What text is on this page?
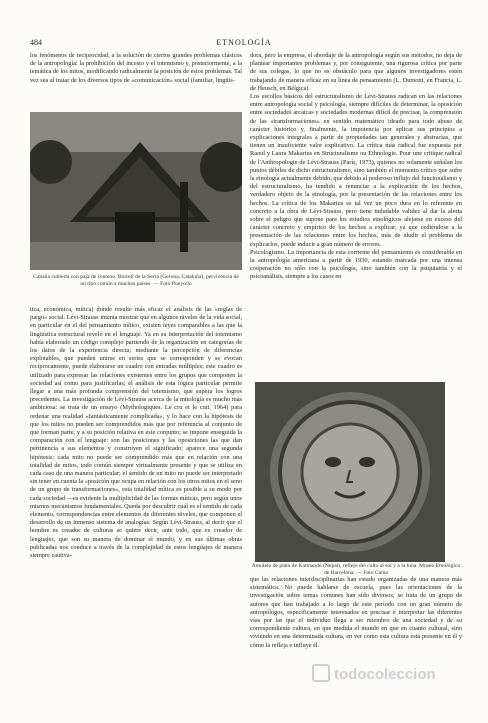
484	ETNOLOGÍA
los fenómenos de reciprocidad, a la solución de ciertos grandes problemas clásicos de la antropología: la prohibición del incesto y el totemismo y, posteriormente, a la temática de los mitos, modificando radicalmente la posición de estos problemas. Tal vez sea al tratar de los diversos tipos de «comunicación» social (familiar, lingüís-
Cabaña cubierta con paja de centeno. Borrell de la Serra (Gerona, Cataluña), pervivencia de un tipo común a muchos países. — Foto Pueyo/lo
tica, económica, mítica) donde resulte más eficaz el análisis de las «reglas de juego» social. Lévi-Strauss intenta mostrar que en algunos niveles de la vida social, en particular en el del pensamiento mítico, existen leyes comparables a las que la lingüística estructural reveló en el lenguaje. Ya en su interpretación del totemismo había elaborado un código complejo partiendo de la organización en categorías de los datos de la experiencia directa; mediante la percepción de diferencias explotables, que pueden unirse en series que se corresponden y se evocan recíprocamente, puede elaborarse un cuadro con entradas múltiples; este cuadro es utilizado para expresar las relaciones existentes entre los grupos que componen la sociedad así como para justificarlas; el análisis de esta lógica particular permite llegar a una más profunda comprensión del totemismo, que supera los logros precedentes. La investigación de Lévi-Strauss acerca de la mitología es mucho más ambiciosa: se trata de un ensayo (Mythologiques. Le cru et le cuit, 1964) para ordenar una realidad «fantásticamente complicada», y lo hace con la hipótesis de que los mitos no pueden ser comprendidos más que por referencia al conjunto de que forman parte, y a su posición relativa en este conjunto; se impone enseguida la comparación con el lenguaje: son las posiciones y las oposiciones las que dan pertinencia a sus elementos y construyen el significado; aparece una segunda hipótesis: cada mito no puede ser comprendido más que en relación con una totalidad de mitos, todo común siempre virtualmente presente y que se utiliza en cada caso de una manera particular; el sentido de un mito no puede ser interpretado sin tener en cuenta la «posición que ocupa en relación con los otros mitos en el seno de un grupo de transformaciones», esta totalidad mítica es posible a su modo por cada sociedad —es evidente la multiplicidad de las formas míticas, pero según unos mismos mecanismos fundamentales. Queda por descubrir cuál es el sentido de cada elemento, correspondencias entre elementos de diferentes niveles, que componen el desarrollo de un inmenso sistema de analogías. Según Lévi-Strauss, al decir que el hombre es creador de culturas se quiere decir, ante todo, que es creador de lenguajes, que son su manera de dominar el mundo, y en sus últimas obras publicadas nos conduce a través de la complejidad de estos lenguajes de manera siempre cautiva-
dora, pero la empresa, el abordaje de la antropología según sus métodos, no deja de plantear importantes problemas y, por consiguiente, una rigurosa crítica por parte de sus colegas, lo que no es obstáculo para que algunos investigadores estén trabajando de manera eficaz en su línea de pensamiento (L. Dumont, en Francia, L. de Heusch, en Bélgica).
Los escollos básicos del estructuralismo de Lévi-Strauss radican en las relaciones entre antropología social y psicología, siempre difíciles de determinar, la oposición entre sociedades arcaicas y sociedades modernas difícil de precisar, la comprensión de las «transformaciones» en sentido matemático ideado para todo abuso de carácter histórico y, finalmente, la impotencia por aplicar sus principios a explicaciones integrales a partir de propiedades tan generales y abstractas, que tienen un insuficiente valor explicativo. La crítica más radical fue expuesta por Raoul y Laura Makarius en Structuralisme ou Ethnologie. Pour une critique radical de l'Anthropologie de Lévi-Strauss (París, 1973), quienes no solamente señalan los puntos débiles de dicho estructuralismo, sino también el momento crítico que sufre la etnología actualmente debido, que debido al poderoso influjo del funcionalismo y del estructuralismo, ha tendido a renunciar a la explicación de los hechos, verdadero objeto de la etnología, por la presentación de las relaciones entre los hechos. La crítica de los Makarius es tal vez un poco dura en lo referente en concreto a la obra de Lévi-Strauss, pero tiene indudable validez al dar la alerta sobre el peligro que supone para los estudios etnológicos alejarse en exceso del carácter concreto y empírico de los hechos a explicar, ya que cediéndose a la presentación de las relaciones entre los hechos, más de eludir el problema de explicarlos, puede inducir a gran número de errores.
Psicologismo. La importancia de esta corriente del pensamiento es considerable en la antropología americana a partir de 1930, estando marcada por una intensa cooperación no sólo con la psicología, sino también con la psiquiatría y el psicoanálisis, siempre a los casos en
Amuleto de plata de Katmandú (Nepal), reflejo del culto al sol y a la luna. Museo Etnológico de Barcelona. — Foto Cama
que las relaciones interdisciplinarias han estado organizadas de una manera más sistemática. No puede hablarse de escuela, pues las orientaciones de la investigación sobre temas comunes han sido diversos; se trata de un grupo de autores que han trabajado a lo largo de este período con un gran número de antropólogos, específicamente interesados en precisar e interpretar las diferentes vías por las que el individuo llega a ser miembro de una sociedad y de su correspondiente cultura, en que medida el mundo en que en cuanto cultural, sino viviendo en una determinada cultura, en ver como esta cultura está presente en él y cómo la refleja e influye él.
todocoleccion
